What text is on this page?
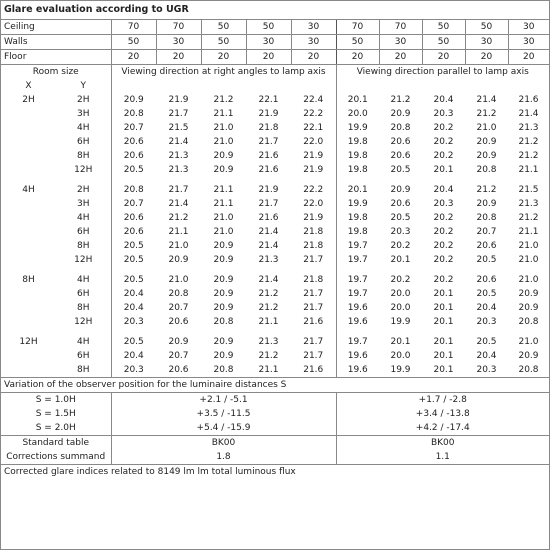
Glare evaluation according to UGR
Ceiling		70	70	50	50	30	70	70	50	50	30
Walls		50	30	50	30	30	50	30	50	30	30
Floor		20	20	20	20	20	20	20	20	20	20
Room size		Viewing direction at right angles to lamp axis					Viewing direction parallel to lamp axis				
X	Y										
2H	2H	20.9	21.9	21.2	22.1	22.4	20.1	21.2	20.4	21.4	21.6
	3H	20.8	21.7	21.1	21.9	22.2	20.0	20.9	20.3	21.2	21.4
	4H	20.7	21.5	21.0	21.8	22.1	19.9	20.8	20.2	21.0	21.3
	6H	20.6	21.4	21.0	21.7	22.0	19.8	20.6	20.2	20.9	21.2
	8H	20.6	21.3	20.9	21.6	21.9	19.8	20.6	20.2	20.9	21.2
	12H	20.5	21.3	20.9	21.6	21.9	19.8	20.5	20.1	20.8	21.1

4H	2H	20.8	21.7	21.1	21.9	22.2	20.1	20.9	20.4	21.2	21.5
	3H	20.7	21.4	21.1	21.7	22.0	19.9	20.6	20.3	20.9	21.3
	4H	20.6	21.2	21.0	21.6	21.9	19.8	20.5	20.2	20.8	21.2
	6H	20.6	21.1	21.0	21.4	21.8	19.8	20.3	20.2	20.7	21.1
	8H	20.5	21.0	20.9	21.4	21.8	19.7	20.2	20.2	20.6	21.0
	12H	20.5	20.9	20.9	21.3	21.7	19.7	20.1	20.2	20.5	21.0

8H	4H	20.5	21.0	20.9	21.4	21.8	19.7	20.2	20.2	20.6	21.0
	6H	20.4	20.8	20.9	21.2	21.7	19.7	20.0	20.1	20.5	20.9
	8H	20.4	20.7	20.9	21.2	21.7	19.6	20.0	20.1	20.4	20.9
	12H	20.3	20.6	20.8	21.1	21.6	19.6	19.9	20.1	20.3	20.8

12H	4H	20.5	20.9	20.9	21.3	21.7	19.7	20.1	20.1	20.5	21.0
	6H	20.4	20.7	20.9	21.2	21.7	19.6	20.0	20.1	20.4	20.9
	8H	20.3	20.6	20.8	21.1	21.6	19.6	19.9	20.1	20.3	20.8
Variation of the observer position for the luminaire distances S											
S = 1.0H		+2.1 / -5.1					+1.7 / -2.8				
S = 1.5H		+3.5 / -11.5					+3.4 / -13.8				
S = 2.0H		+5.4 / -15.9					+4.2 / -17.4				
Standard table		BK00					BK00				
Corrections summand		1.8					1.1				
Corrected glare indices related to 8149 lm lm total luminous flux											
